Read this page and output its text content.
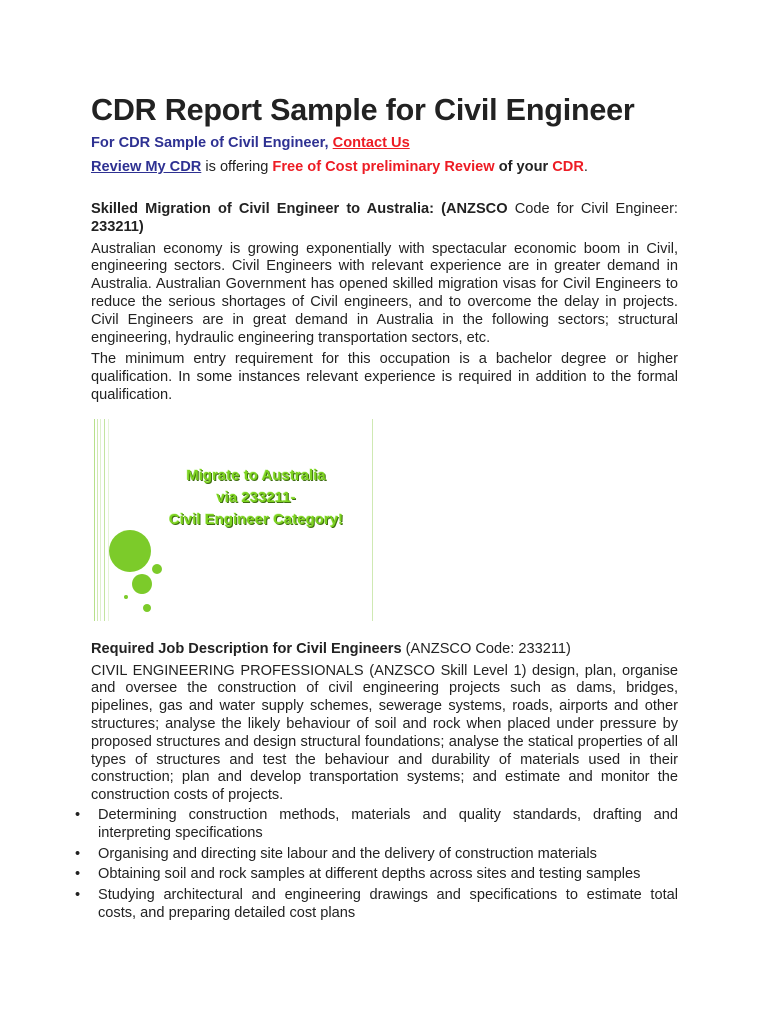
CDR Report Sample for Civil Engineer

For CDR Sample of Civil Engineer, Contact Us

Review My CDR is offering Free of Cost preliminary Review of your CDR.

Skilled Migration of Civil Engineer to Australia: (ANZSCO Code for Civil Engineer: 233211)

Australian economy is growing exponentially with spectacular economic boom in Civil, engineering sectors. Civil Engineers with relevant experience are in greater demand in Australia. Australian Government has opened skilled migration visas for Civil Engineers to reduce the serious shortages of Civil engineers, and to overcome the delay in projects. Civil Engineers are in great demand in Australia in the following sectors; structural engineering, hydraulic engineering transportation sectors, etc.

The minimum entry requirement for this occupation is a bachelor degree or higher qualification. In some instances relevant experience is required in addition to the formal qualification.

Migrate to Australia
via 233211-
Civil Engineer Category!

Required Job Description for Civil Engineers (ANZSCO Code: 233211)

CIVIL ENGINEERING PROFESSIONALS (ANZSCO Skill Level 1) design, plan, organise and oversee the construction of civil engineering projects such as dams, bridges, pipelines, gas and water supply schemes, sewerage systems, roads, airports and other structures; analyse the likely behaviour of soil and rock when placed under pressure by proposed structures and design structural foundations; analyse the statical properties of all types of structures and test the behaviour and durability of materials used in their construction; plan and develop transportation systems; and estimate and monitor the construction costs of projects.

• Determining construction methods, materials and quality standards, drafting and interpreting specifications
• Organising and directing site labour and the delivery of construction materials
• Obtaining soil and rock samples at different depths across sites and testing samples
• Studying architectural and engineering drawings and specifications to estimate total costs, and preparing detailed cost plans
